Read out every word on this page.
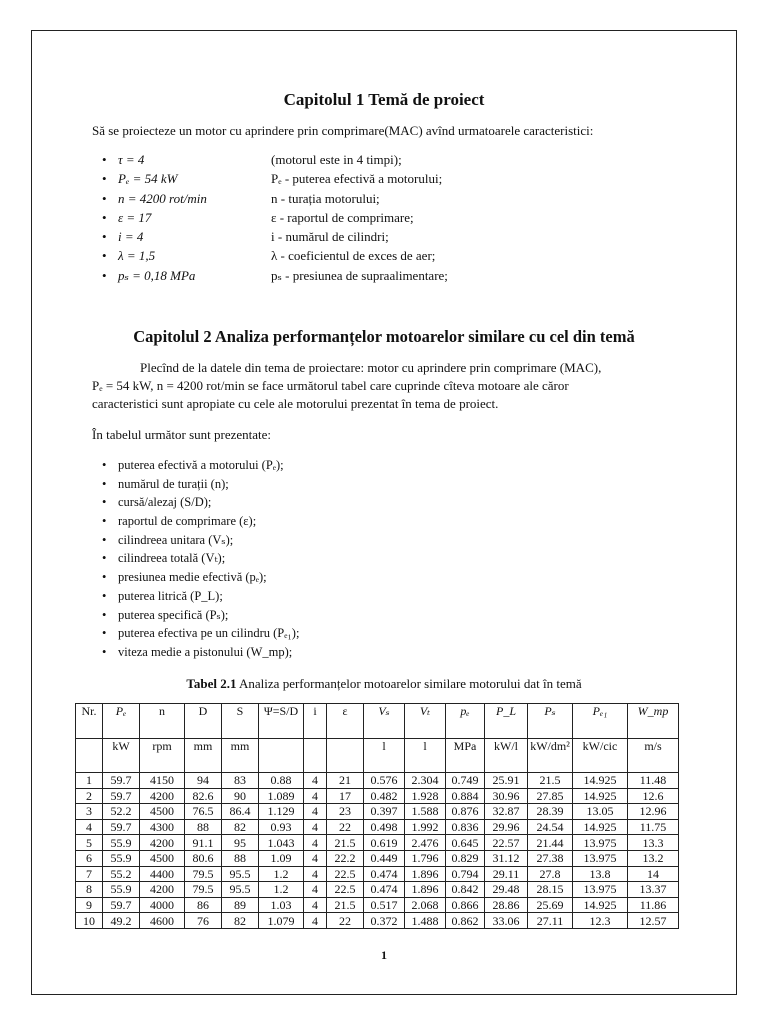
Capitolul 1 Temă de proiect
Să se proiecteze un motor cu aprindere prin comprimare(MAC) avînd urmatoarele caracteristici:
• τ = 4	(motorul este in 4 timpi);
• Pₑ = 54 kW	Pₑ - puterea efectivă a motorului;
• n = 4200 rot/min	n - turația motorului;
• ε = 17	ε - raportul de comprimare;
• i = 4	i - numărul de cilindri;
• λ = 1,5	λ - coeficientul de exces de aer;
• pₛ = 0,18 MPa	pₛ - presiunea de supraalimentare;
Capitolul 2 Analiza performanțelor motoarelor similare cu cel din temă
Plecînd de la datele din tema de proiectare: motor cu aprindere prin comprimare (MAC),
Pₑ = 54 kW, n = 4200 rot/min se face următorul tabel care cuprinde cîteva motoare ale căror
caracteristici sunt apropiate cu cele ale motorului prezentat în tema de proiect.
În tabelul următor sunt prezentate:
• puterea efectivă a motorului (Pₑ);
• numărul de turații (n);
• cursă/alezaj (S/D);
• raportul de comprimare (ε);
• cilindreea unitara (Vₛ);
• cilindreea totală (Vₜ);
• presiunea medie efectivă (pₑ);
• puterea litrică (P_L);
• puterea specifică (Pₛ);
• puterea efectiva pe un cilindru (Pₑ₁);
• viteza medie a pistonului (W_mp);
Tabel 2.1 Analiza performanțelor motoarelor similare motorului dat în temă
Nr.	Pₑ	n	D	S	Ψ=S/D	i	ε	Vₛ	Vₜ	pₑ	P_L	Pₛ	Pₑ₁	W_mp
	kW	rpm	mm	mm				l	l	MPa	kW/l	kW/dm²	kW/cic	m/s
1	59.7	4150	94	83	0.88	4	21	0.576	2.304	0.749	25.91	21.5	14.925	11.48
2	59.7	4200	82.6	90	1.089	4	17	0.482	1.928	0.884	30.96	27.85	14.925	12.6
3	52.2	4500	76.5	86.4	1.129	4	23	0.397	1.588	0.876	32.87	28.39	13.05	12.96
4	59.7	4300	88	82	0.93	4	22	0.498	1.992	0.836	29.96	24.54	14.925	11.75
5	55.9	4200	91.1	95	1.043	4	21.5	0.619	2.476	0.645	22.57	21.44	13.975	13.3
6	55.9	4500	80.6	88	1.09	4	22.2	0.449	1.796	0.829	31.12	27.38	13.975	13.2
7	55.2	4400	79.5	95.5	1.2	4	22.5	0.474	1.896	0.794	29.11	27.8	13.8	14
8	55.9	4200	79.5	95.5	1.2	4	22.5	0.474	1.896	0.842	29.48	28.15	13.975	13.37
9	59.7	4000	86	89	1.03	4	21.5	0.517	2.068	0.866	28.86	25.69	14.925	11.86
10	49.2	4600	76	82	1.079	4	22	0.372	1.488	0.862	33.06	27.11	12.3	12.57
1
